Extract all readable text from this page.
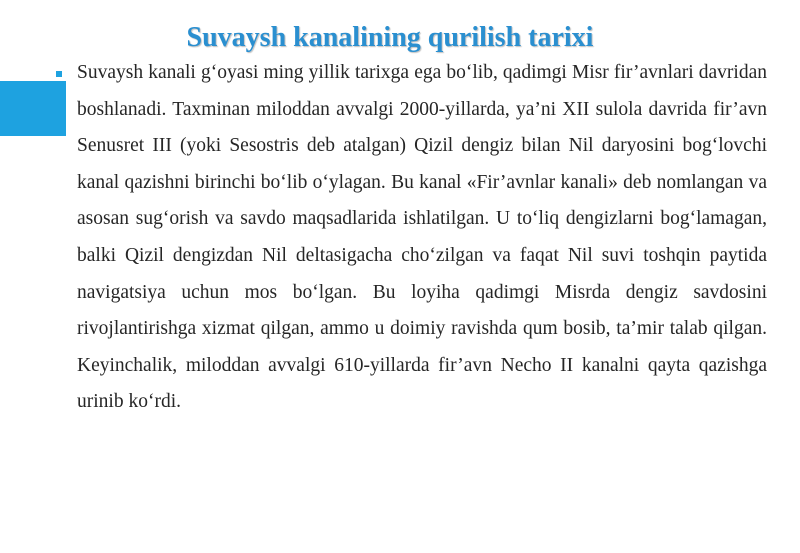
Suvaysh kanalining qurilish tarixi

Suvaysh kanali g‘oyasi ming yillik tarixga ega bo‘lib, qadimgi Misr fir’avnlari davridan boshlanadi. Taxminan miloddan avvalgi 2000-yillarda, ya’ni XII sulola davrida fir’avn Senusret III (yoki Sesostris deb atalgan) Qizil dengiz bilan Nil daryosini bog‘lovchi kanal qazishni birinchi bo‘lib o‘ylagan. Bu kanal «Fir’avnlar kanali» deb nomlangan va asosan sug‘orish va savdo maqsadlarida ishlatilgan. U to‘liq dengizlarni bog‘lamagan, balki Qizil dengizdan Nil deltasigacha cho‘zilgan va faqat Nil suvi toshqin paytida navigatsiya uchun mos bo‘lgan. Bu loyiha qadimgi Misrda dengiz savdosini rivojlantirishga xizmat qilgan, ammo u doimiy ravishda qum bosib, ta’mir talab qilgan. Keyinchalik, miloddan avvalgi 610-yillarda fir’avn Necho II kanalni qayta qazishga urinib ko‘rdi.
